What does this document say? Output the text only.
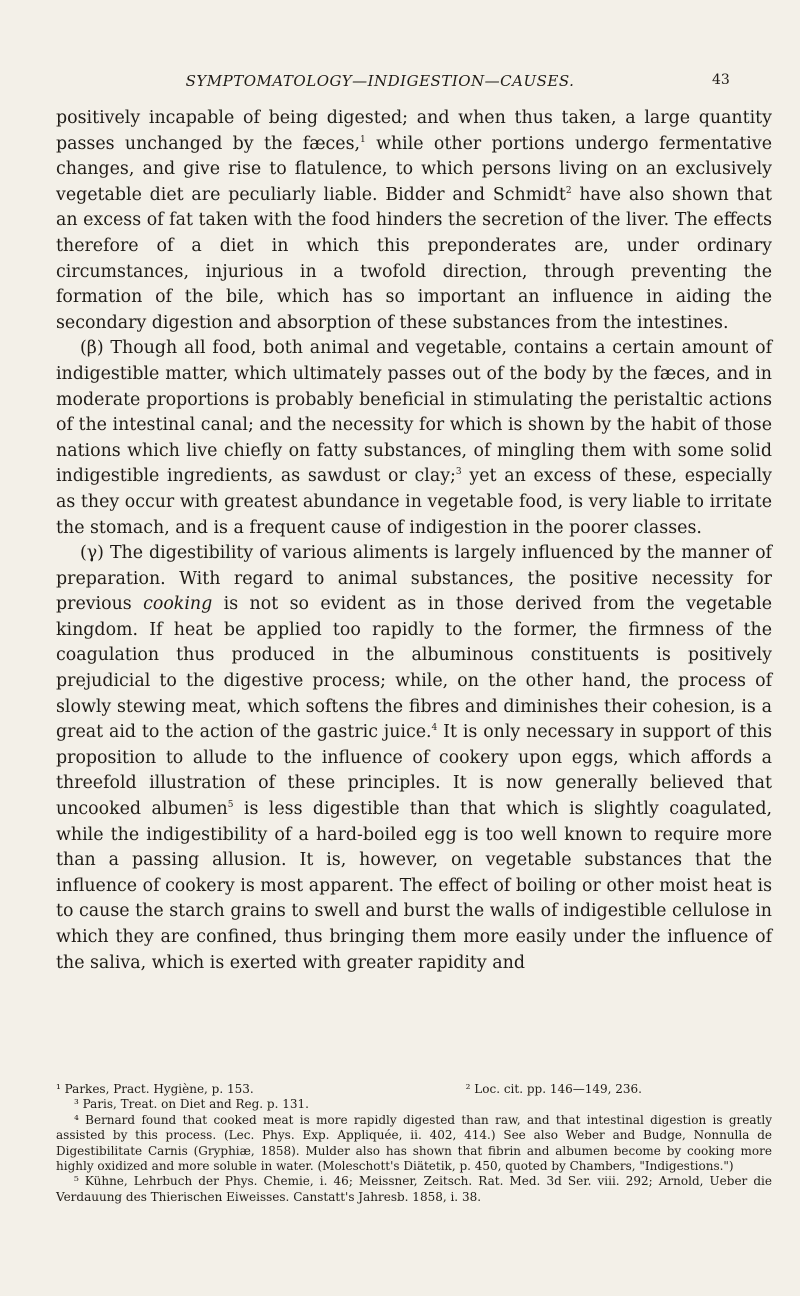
SYMPTOMATOLOGY—INDIGESTION—CAUSES.	43

positively incapable of being digested; and when thus taken, a large quantity passes unchanged by the fæces,$^1$ while other portions undergo fermentative changes, and give rise to flatulence, to which persons living on an exclusively vegetable diet are peculiarly liable. Bidder and Schmidt$^2$ have also shown that an excess of fat taken with the food hinders the secretion of the liver. The effects therefore of a diet in which this preponderates are, under ordinary circumstances, injurious in a twofold direction, through preventing the formation of the bile, which has so important an influence in aiding the secondary digestion and absorption of these substances from the intestines.

(β) Though all food, both animal and vegetable, contains a certain amount of indigestible matter, which ultimately passes out of the body by the fæces, and in moderate proportions is probably beneficial in stimulating the peristaltic actions of the intestinal canal; and the necessity for which is shown by the habit of those nations which live chiefly on fatty substances, of mingling them with some solid indigestible ingredients, as sawdust or clay;$^3$ yet an excess of these, especially as they occur with greatest abundance in vegetable food, is very liable to irritate the stomach, and is a frequent cause of indigestion in the poorer classes.

(γ) The digestibility of various aliments is largely influenced by the manner of preparation. With regard to animal substances, the positive necessity for previous cooking is not so evident as in those derived from the vegetable kingdom. If heat be applied too rapidly to the former, the firmness of the coagulation thus produced in the albuminous constituents is positively prejudicial to the digestive process; while, on the other hand, the process of slowly stewing meat, which softens the fibres and diminishes their cohesion, is a great aid to the action of the gastric juice.$^4$ It is only necessary in support of this proposition to allude to the influence of cookery upon eggs, which affords a threefold illustration of these principles. It is now generally believed that uncooked albumen$^5$ is less digestible than that which is slightly coagulated, while the indigestibility of a hard-boiled egg is too well known to require more than a passing allusion. It is, however, on vegetable substances that the influence of cookery is most apparent. The effect of boiling or other moist heat is to cause the starch grains to swell and burst the walls of indigestible cellulose in which they are confined, thus bringing them more easily under the influence of the saliva, which is exerted with greater rapidity and

¹ Parkes, Pract. Hygiène, p. 153.	² Loc. cit. pp. 146—149, 236.
³ Paris, Treat. on Diet and Reg. p. 131.
⁴ Bernard found that cooked meat is more rapidly digested than raw, and that intestinal digestion is greatly assisted by this process. (Lec. Phys. Exp. Appliquée, ii. 402, 414.) See also Weber and Budge, Nonnulla de Digestibilitate Carnis (Gryphiæ, 1858). Mulder also has shown that fibrin and albumen become by cooking more highly oxidized and more soluble in water. (Moleschott's Diätetik, p. 450, quoted by Chambers, "Indigestions.")
⁵ Kühne, Lehrbuch der Phys. Chemie, i. 46; Meissner, Zeitsch. Rat. Med. 3d Ser. viii. 292; Arnold, Ueber die Verdauung des Thierischen Eiweisses. Canstatt's Jahresb. 1858, i. 38.
